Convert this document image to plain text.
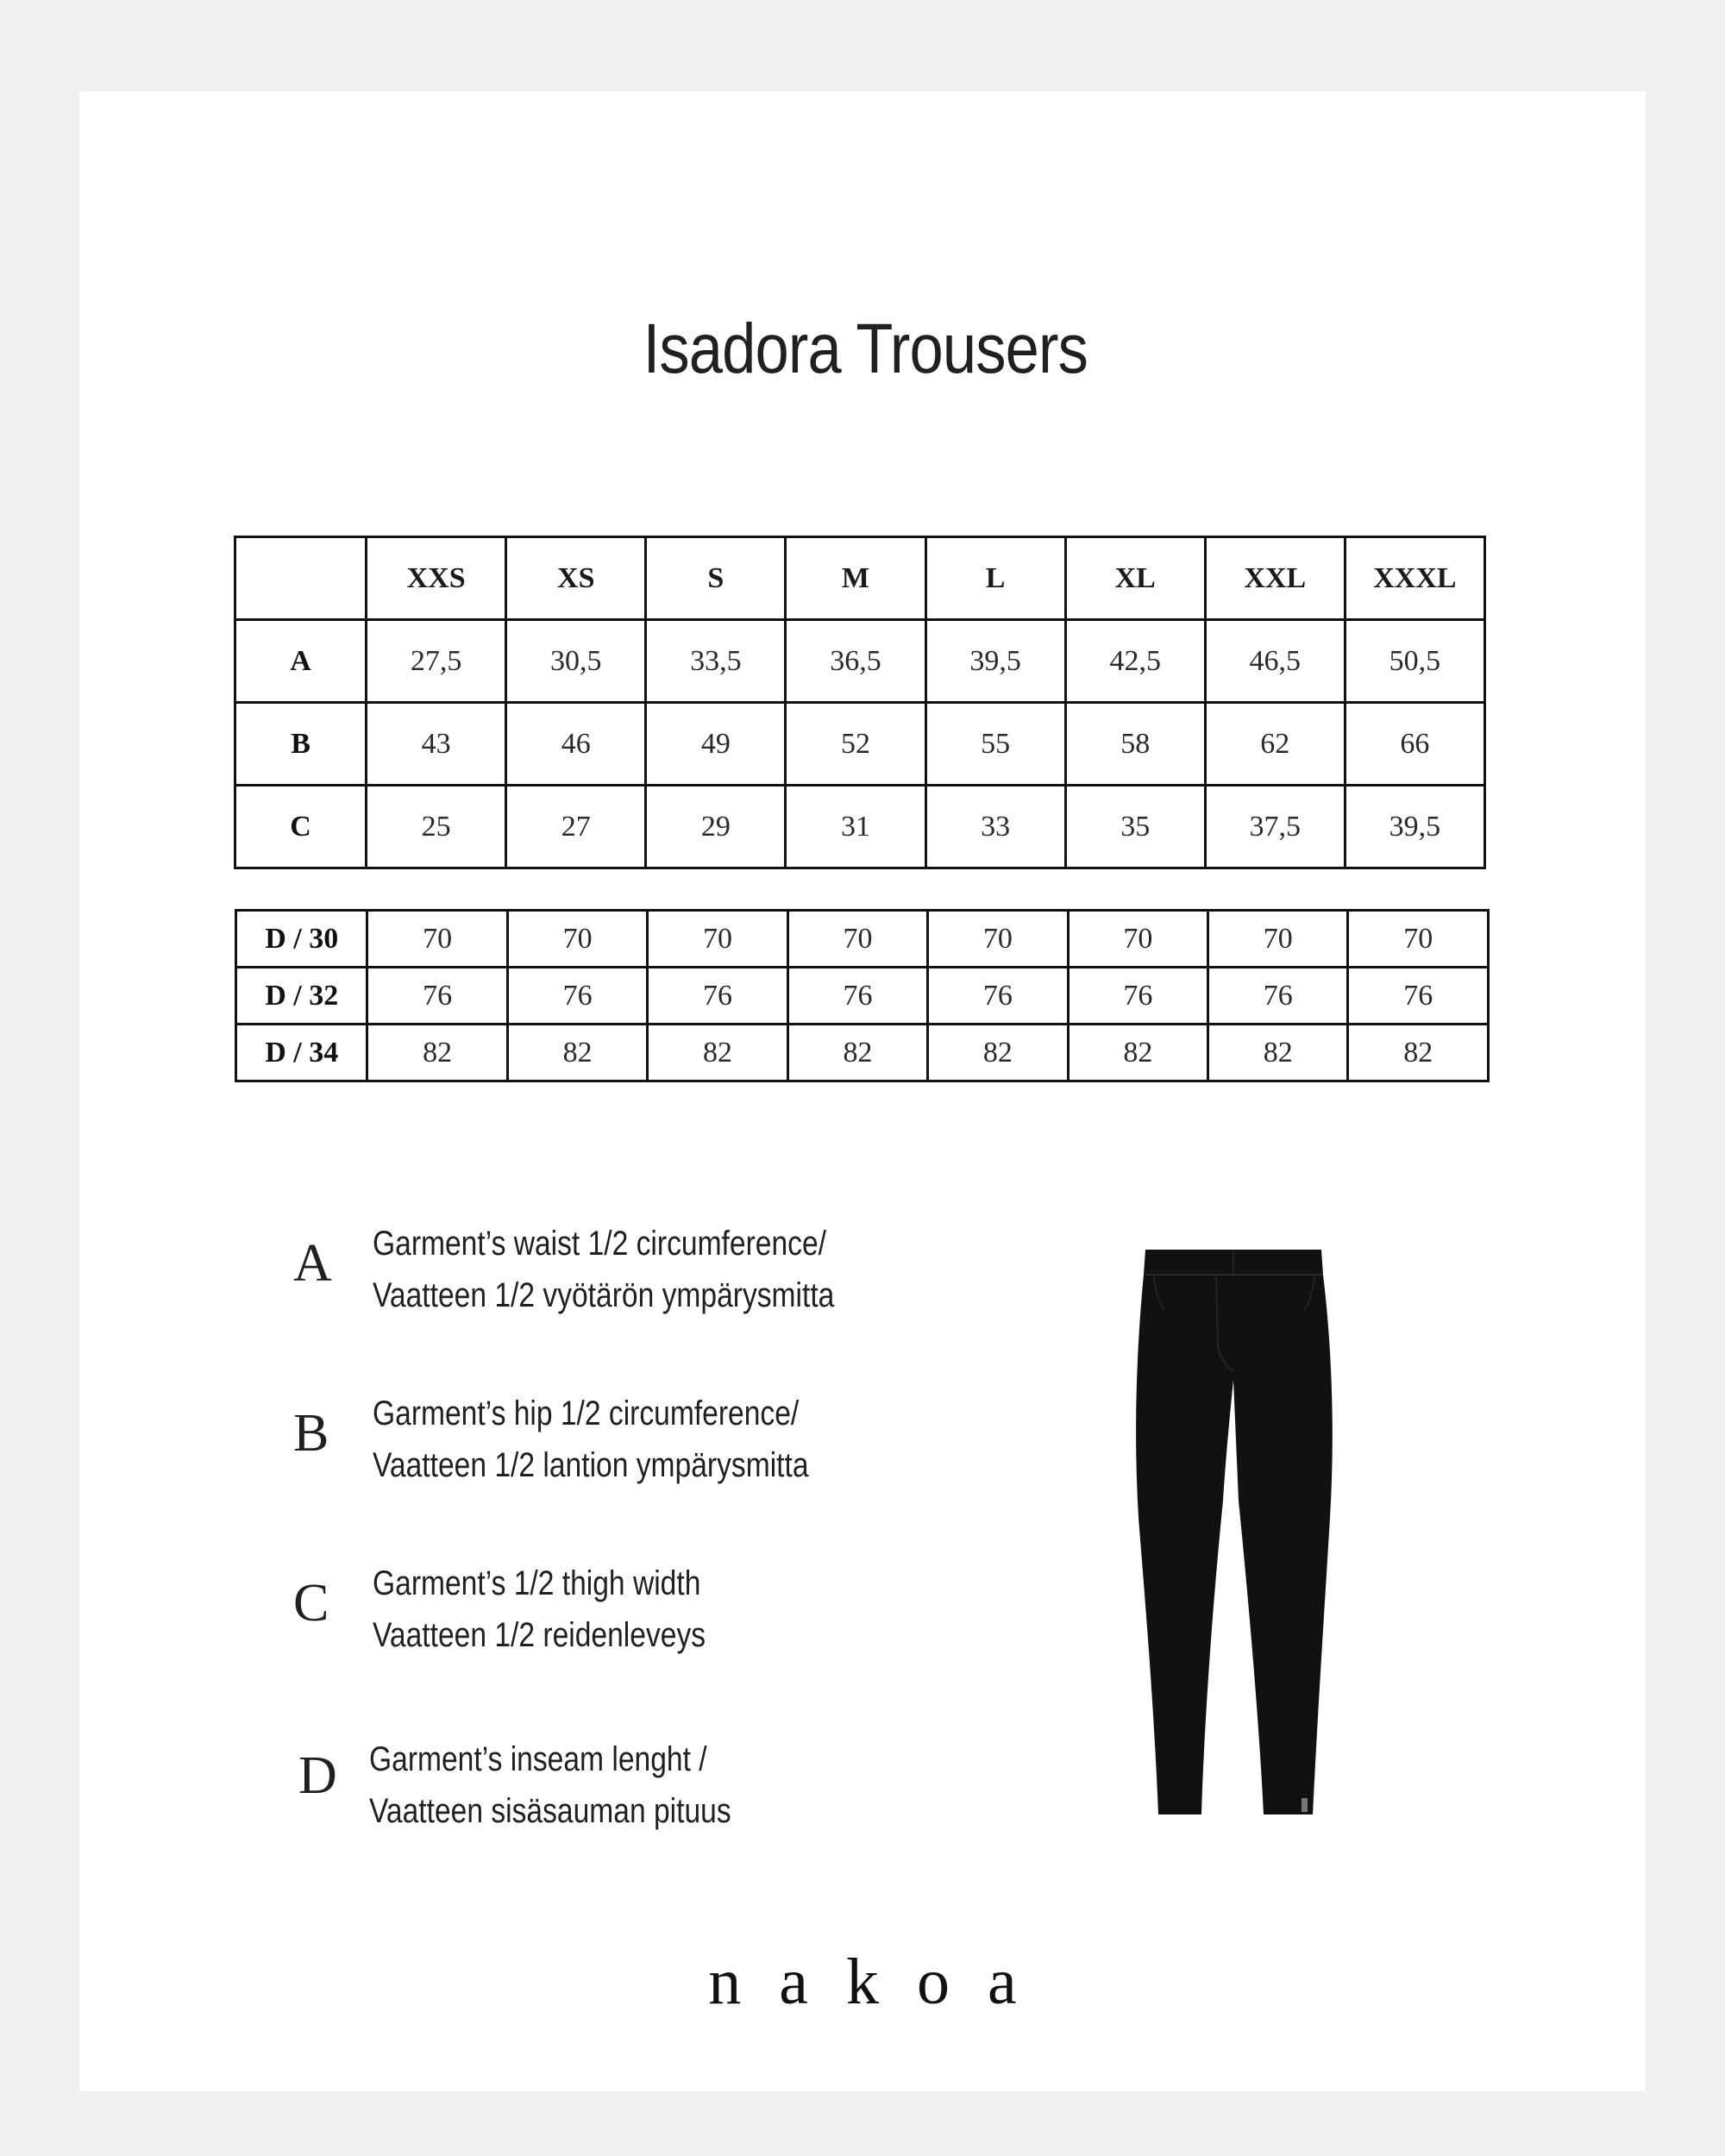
Isadora Trousers
	XXS	XS	S	M	L	XL	XXL	XXXL
A	27,5	30,5	33,5	36,5	39,5	42,5	46,5	50,5
B	43	46	49	52	55	58	62	66
C	25	27	29	31	33	35	37,5	39,5
D / 30	70	70	70	70	70	70	70	70
D / 32	76	76	76	76	76	76	76	76
D / 34	82	82	82	82	82	82	82	82
A Garment’s waist 1/2 circumference/
Vaatteen 1/2 vyötärön ympärysmitta
B Garment’s hip 1/2 circumference/
Vaatteen 1/2 lantion ympärysmitta
C Garment’s 1/2 thigh width
Vaatteen 1/2 reidenleveys
D Garment’s inseam lenght /
Vaatteen sisäsauman pituus
nakoa
